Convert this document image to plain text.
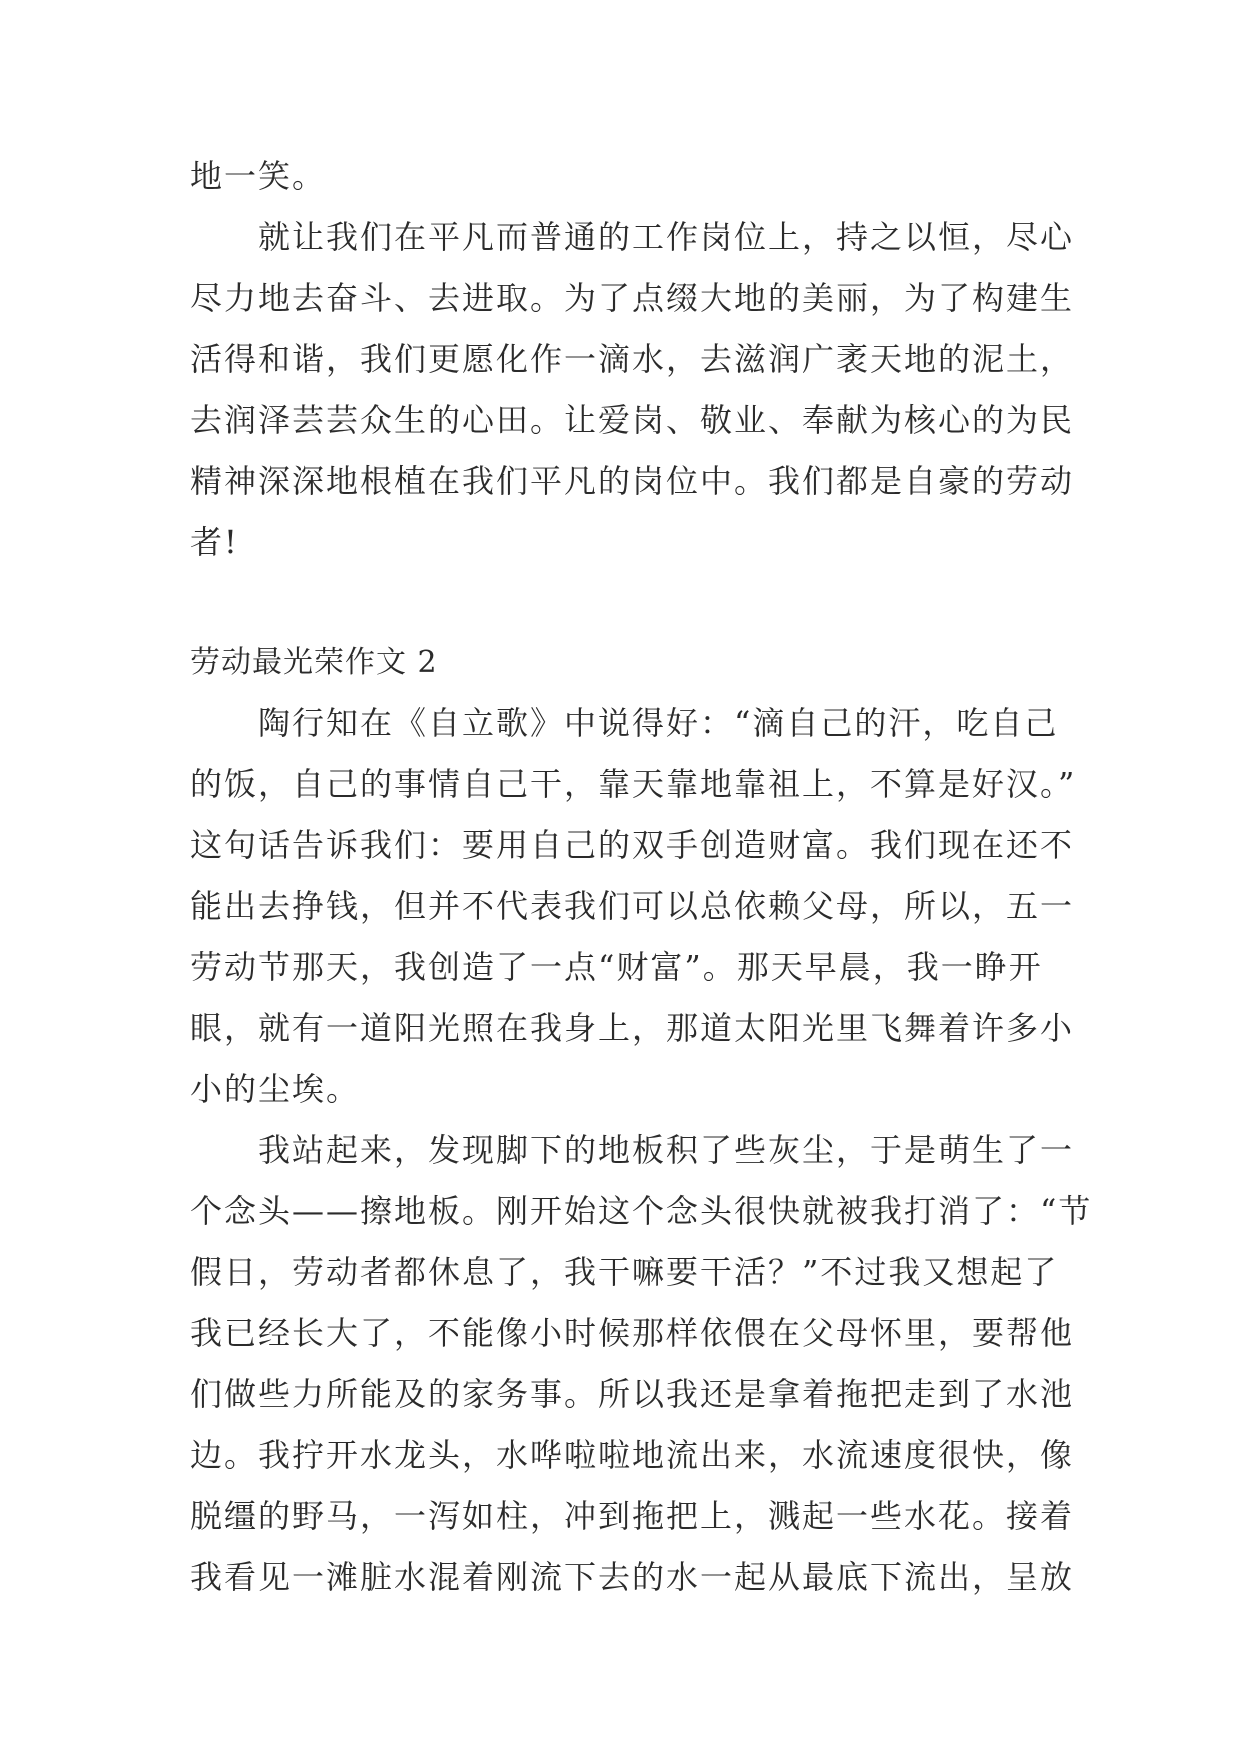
地一笑。
就让我们在平凡而普通的工作岗位上，持之以恒，尽心
尽力地去奋斗、去进取。为了点缀大地的美丽，为了构建生
活得和谐，我们更愿化作一滴水，去滋润广袤天地的泥土，
去润泽芸芸众生的心田。让爱岗、敬业、奉献为核心的为民
精神深深地根植在我们平凡的岗位中。我们都是自豪的劳动
者!
劳动最光荣作文 2
陶行知在《自立歌》中说得好：“滴自己的汗，吃自己
的饭，自己的事情自己干，靠天靠地靠祖上，不算是好汉。”
这句话告诉我们：要用自己的双手创造财富。我们现在还不
能出去挣钱，但并不代表我们可以总依赖父母，所以，五一
劳动节那天，我创造了一点“财富”。那天早晨，我一睁开
眼，就有一道阳光照在我身上，那道太阳光里飞舞着许多小
小的尘埃。
我站起来，发现脚下的地板积了些灰尘，于是萌生了一
个念头——擦地板。刚开始这个念头很快就被我打消了：“节
假日，劳动者都休息了，我干嘛要干活？”不过我又想起了
我已经长大了，不能像小时候那样依偎在父母怀里，要帮他
们做些力所能及的家务事。所以我还是拿着拖把走到了水池
边。我拧开水龙头，水哗啦啦地流出来，水流速度很快，像
脱缰的野马，一泻如柱，冲到拖把上，溅起一些水花。接着
我看见一滩脏水混着刚流下去的水一起从最底下流出，呈放
